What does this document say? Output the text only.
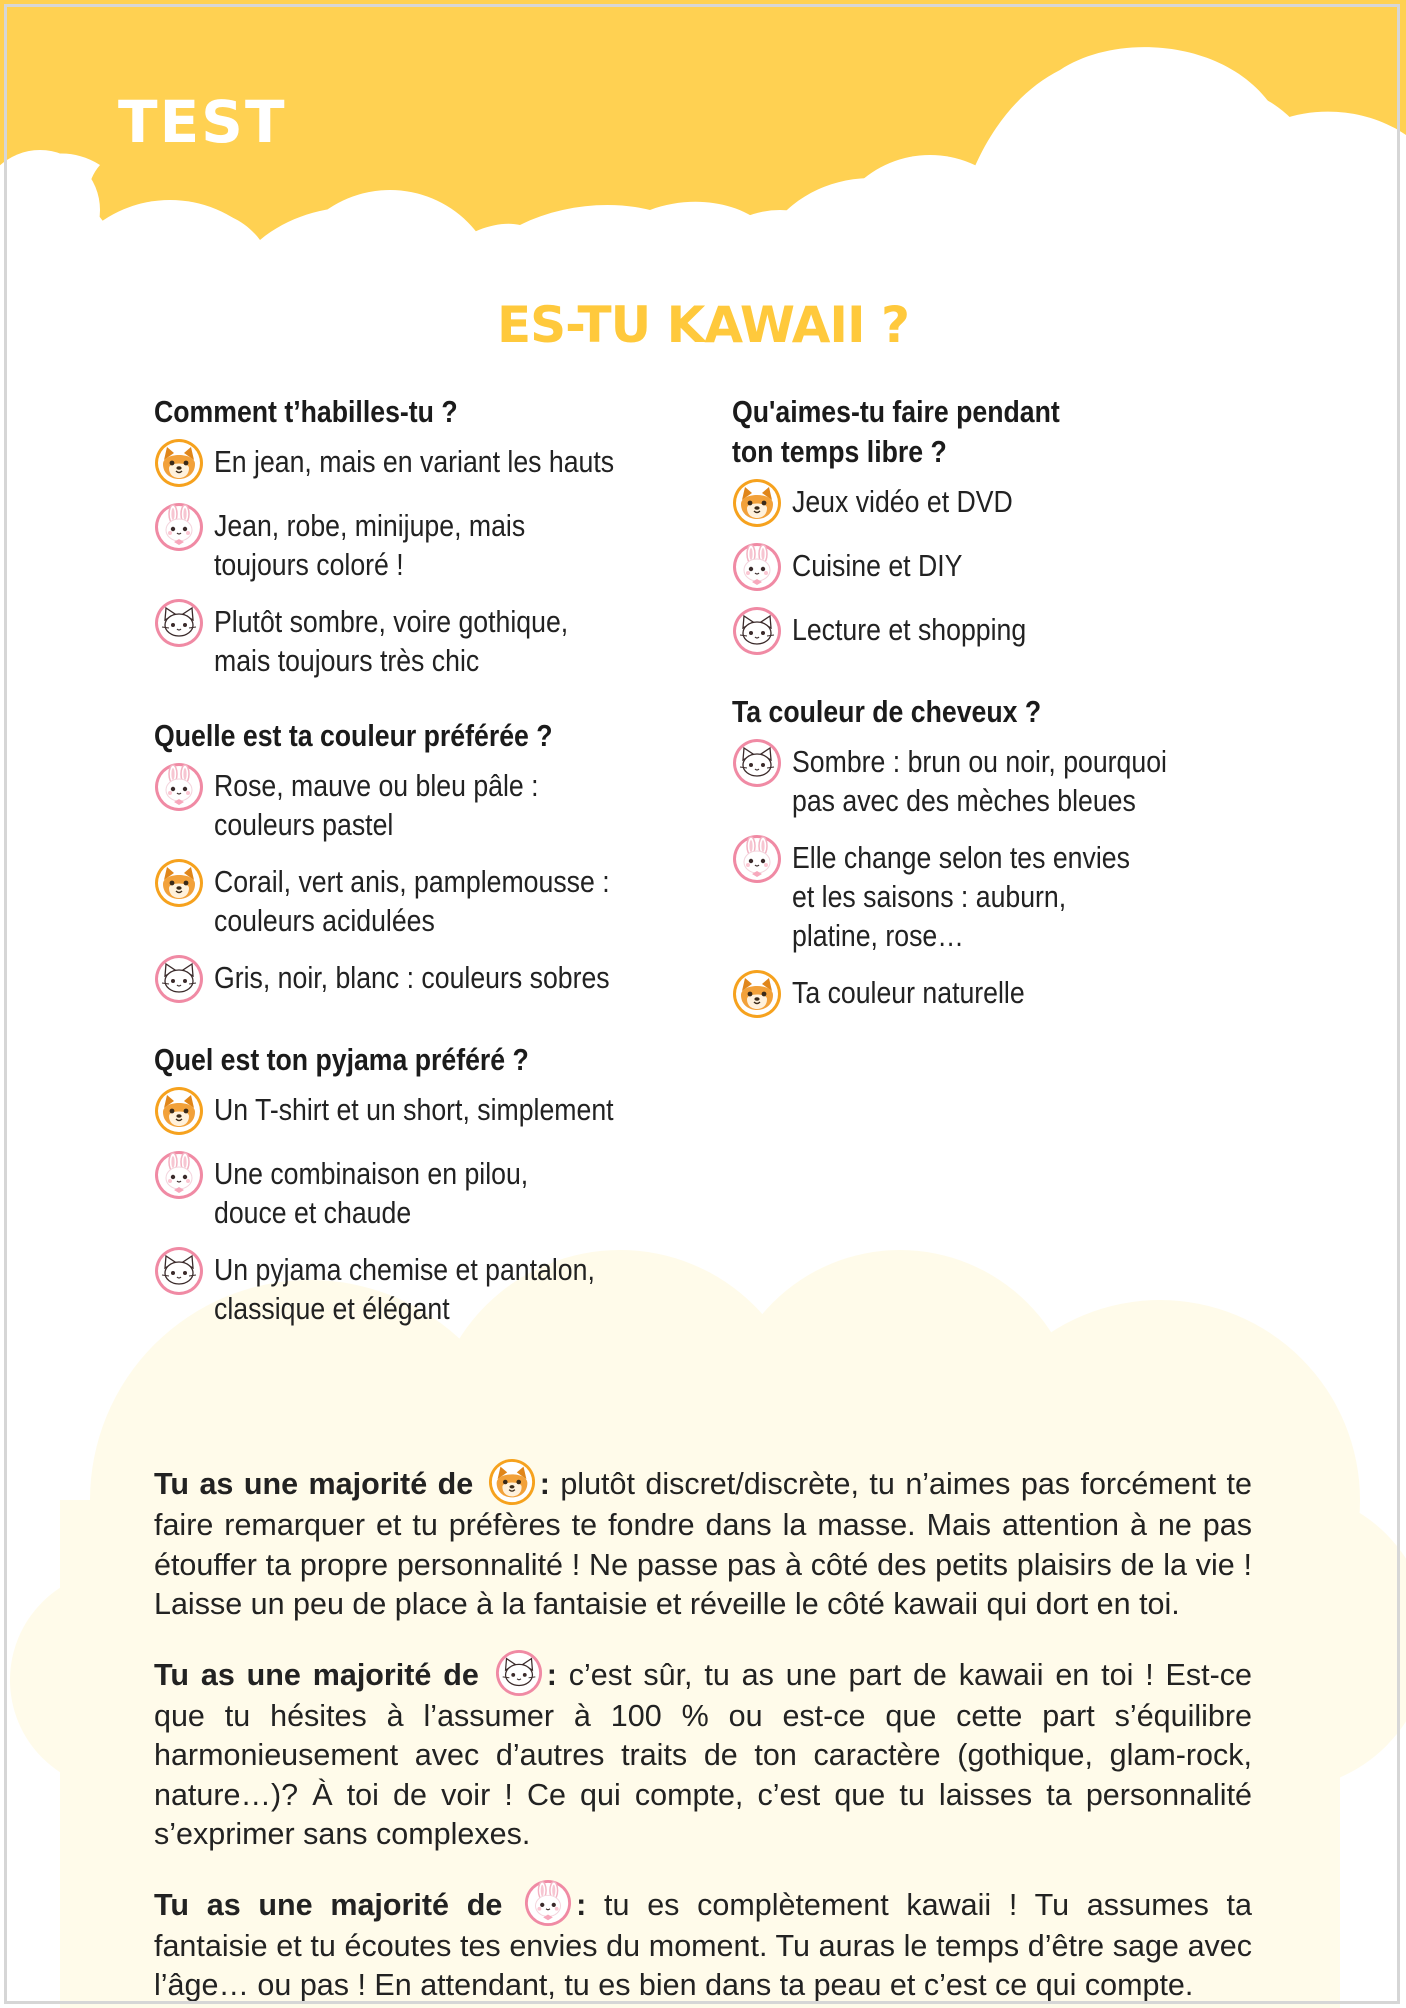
TEST
ES-TU KAWAII ?
Comment t’habilles-tu ?
En jean, mais en variant les hauts
Jean, robe, minijupe, mais
toujours coloré !
Plutôt sombre, voire gothique,
mais toujours très chic
Quelle est ta couleur préférée ?
Rose, mauve ou bleu pâle :
couleurs pastel
Corail, vert anis, pamplemousse :
couleurs acidulées
Gris, noir, blanc : couleurs sobres
Quel est ton pyjama préféré ?
Un T-shirt et un short, simplement
Une combinaison en pilou,
douce et chaude
Un pyjama chemise et pantalon,
classique et élégant
Qu'aimes-tu faire pendant
ton temps libre ?
Jeux vidéo et DVD
Cuisine et DIY
Lecture et shopping
Ta couleur de cheveux ?
Sombre : brun ou noir, pourquoi
pas avec des mèches bleues
Elle change selon tes envies
et les saisons : auburn,
platine, rose…
Ta couleur naturelle

Tu as une majorité de : plutôt discret/discrète, tu n’aimes pas forcément te faire remarquer et tu préfères te fondre dans la masse. Mais attention à ne pas étouffer ta propre personnalité ! Ne passe pas à côté des petits plaisirs de la vie ! Laisse un peu de place à la fantaisie et réveille le côté kawaii qui dort en toi.

Tu as une majorité de : c’est sûr, tu as une part de kawaii en toi ! Est-ce que tu hésites à l’assumer à 100 % ou est-ce que cette part s’équilibre harmonieusement avec d’autres traits de ton caractère (gothique, glam-rock, nature…)? À toi de voir ! Ce qui compte, c’est que tu laisses ta personnalité s’exprimer sans complexes.

Tu as une majorité de : tu es complètement kawaii ! Tu assumes ta fantaisie et tu écoutes tes envies du moment. Tu auras le temps d’être sage avec l’âge… ou pas ! En attendant, tu es bien dans ta peau et c’est ce qui compte.
